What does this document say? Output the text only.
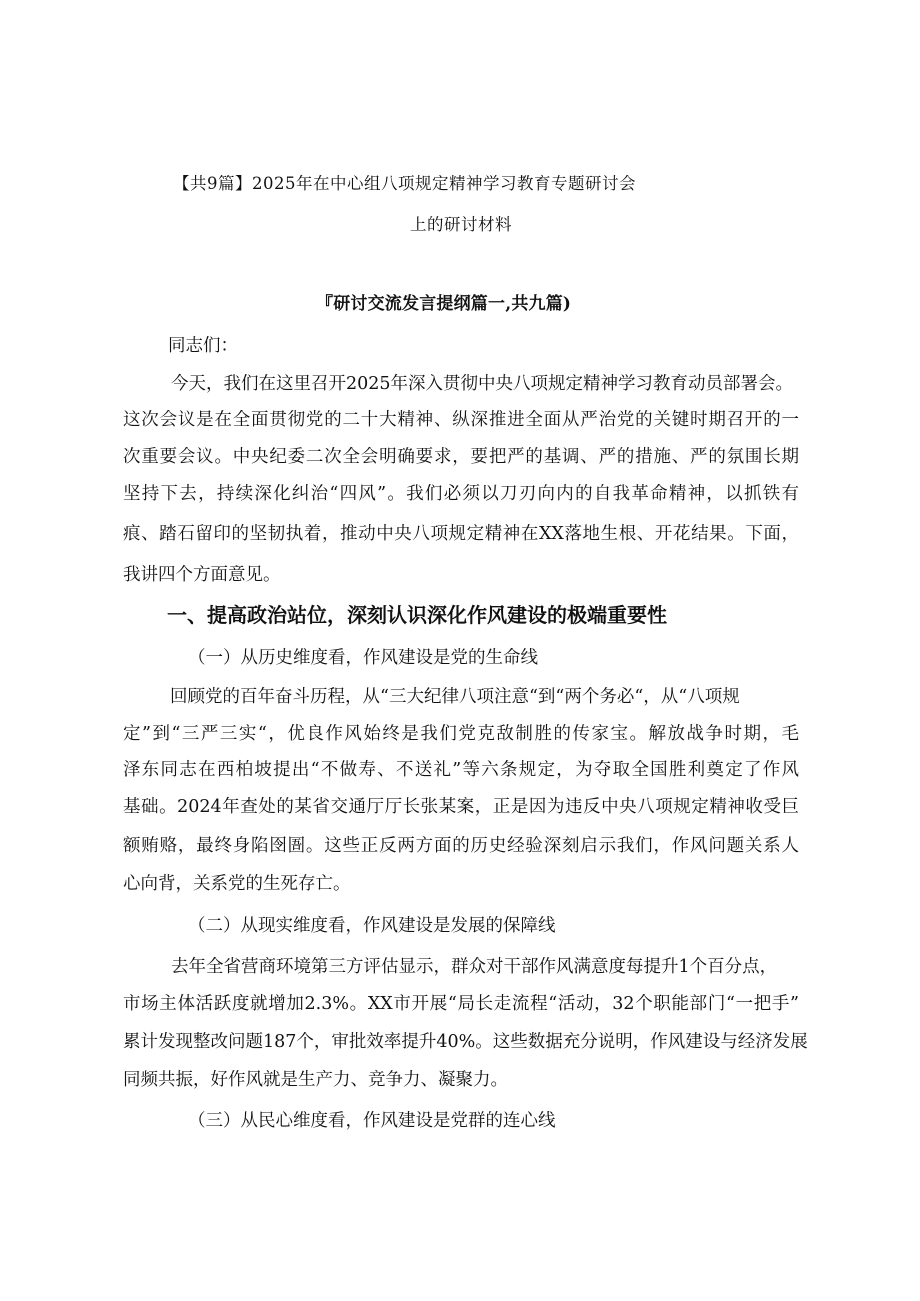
【共9篇】2025年在中心组八项规定精神学习教育专题研讨会
上的研讨材料
『研讨交流发言提纲篇一,共九篇)
同志们：
今天，我们在这里召开2025年深入贯彻中央八项规定精神学习教育动员部署会。
这次会议是在全面贯彻党的二十大精神、纵深推进全面从严治党的关键时期召开的一
次重要会议。中央纪委二次全会明确要求，要把严的基调、严的措施、严的氛围长期
坚持下去，持续深化纠治“四风”。我们必须以刀刃向内的自我革命精神，以抓铁有
痕、踏石留印的坚韧执着，推动中央八项规定精神在XX落地生根、开花结果。下面，
我讲四个方面意见。
一、提高政治站位，深刻认识深化作风建设的极端重要性
（一）从历史维度看，作风建设是党的生命线
回顾党的百年奋斗历程，从“三大纪律八项注意“到“两个务必“，从“八项规
定”到“三严三实“，优良作风始终是我们党克敌制胜的传家宝。解放战争时期，毛
泽东同志在西柏坡提出“不做寿、不送礼”等六条规定，为夺取全国胜利奠定了作风
基础。2024年查处的某省交通厅厅长张某案，正是因为违反中央八项规定精神收受巨
额贿赂，最终身陷囹圄。这些正反两方面的历史经验深刻启示我们，作风问题关系人
心向背，关系党的生死存亡。
（二）从现实维度看，作风建设是发展的保障线
去年全省营商环境第三方评估显示，群众对干部作风满意度每提升1个百分点，
市场主体活跃度就增加2.3%。XX市开展“局长走流程“活动，32个职能部门“一把手”
累计发现整改问题187个，审批效率提升40%。这些数据充分说明，作风建设与经济发展
同频共振，好作风就是生产力、竞争力、凝聚力。
（三）从民心维度看，作风建设是党群的连心线
